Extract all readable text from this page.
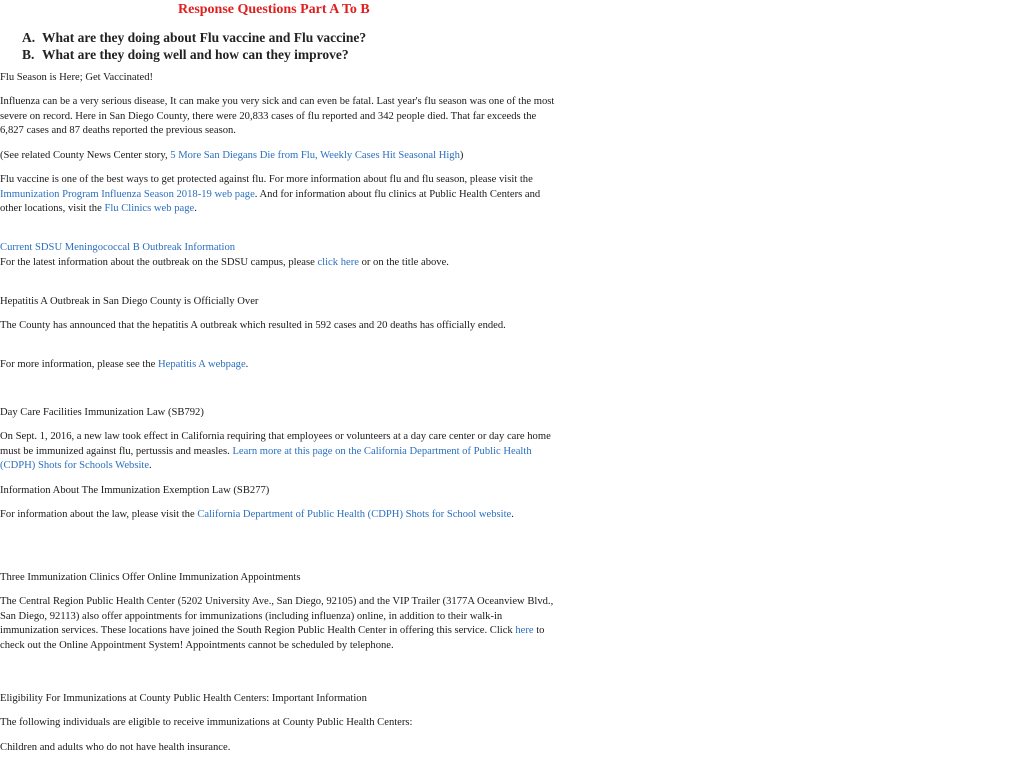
Response Questions Part A To B
A. What are they doing about Flu vaccine and Flu vaccine?
B. What are they doing well and how can they improve?
Flu Season is Here; Get Vaccinated!
Influenza can be a very serious disease, It can make you very sick and can even be fatal. Last year's flu season was one of the most severe on record. Here in San Diego County, there were 20,833 cases of flu reported and 342 people died. That far exceeds the 6,827 cases and 87 deaths reported the previous season.
(See related County News Center story, 5 More San Diegans Die from Flu, Weekly Cases Hit Seasonal High)
Flu vaccine is one of the best ways to get protected against flu. For more information about flu and flu season, please visit the Immunization Program Influenza Season 2018-19 web page. And for information about flu clinics at Public Health Centers and other locations, visit the Flu Clinics web page.
Current SDSU Meningococcal B Outbreak Information
For the latest information about the outbreak on the SDSU campus, please click here or on the title above.
Hepatitis A Outbreak in San Diego County is Officially Over
The County has announced that the hepatitis A outbreak which resulted in 592 cases and 20 deaths has officially ended.
For more information, please see the Hepatitis A webpage.
Day Care Facilities Immunization Law (SB792)
On Sept. 1, 2016, a new law took effect in California requiring that employees or volunteers at a day care center or day care home must be immunized against flu, pertussis and measles. Learn more at this page on the California Department of Public Health (CDPH) Shots for Schools Website.
Information About The Immunization Exemption Law (SB277)
For information about the law, please visit the California Department of Public Health (CDPH) Shots for School website.
Three Immunization Clinics Offer Online Immunization Appointments
The Central Region Public Health Center (5202 University Ave., San Diego, 92105) and the VIP Trailer (3177A Oceanview Blvd., San Diego, 92113) also offer appointments for immunizations (including influenza) online, in addition to their walk-in immunization services. These locations have joined the South Region Public Health Center in offering this service. Click here to check out the Online Appointment System! Appointments cannot be scheduled by telephone.
Eligibility For Immunizations at County Public Health Centers: Important Information
The following individuals are eligible to receive immunizations at County Public Health Centers:
Children and adults who do not have health insurance.
